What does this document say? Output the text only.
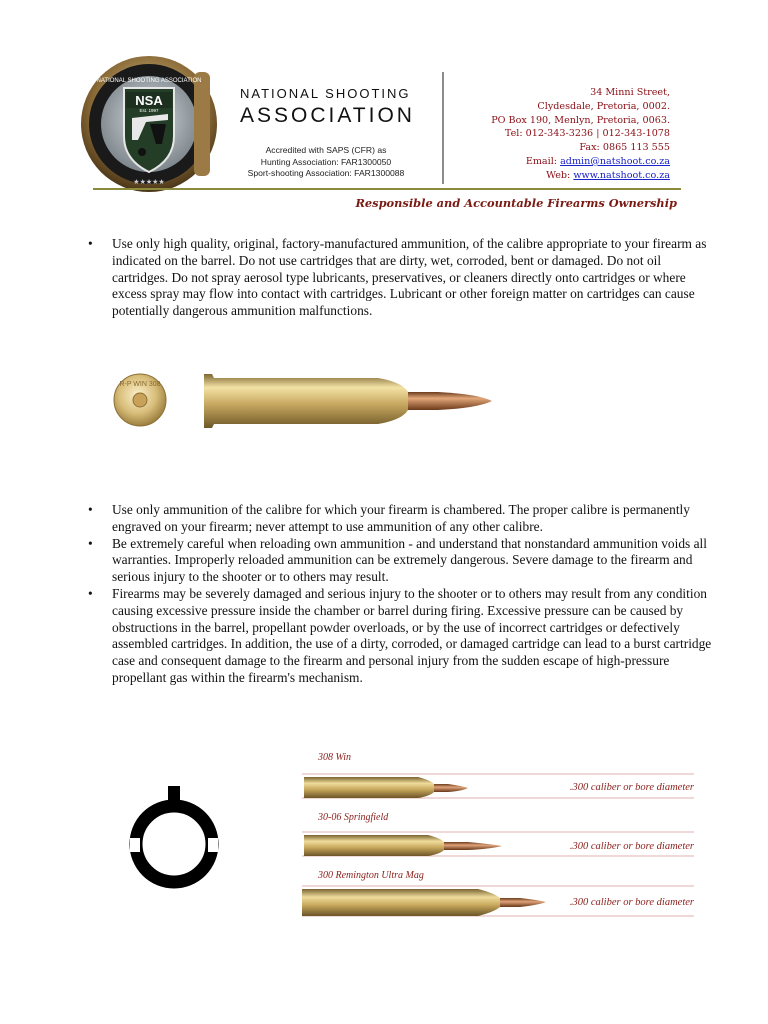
NSA
NATIONAL SHOOTING ASSOCIATION
Est. 1997
★★★★★
NATIONAL SHOOTING
ASSOCIATION
Accredited with SAPS (CFR) as
Hunting Association: FAR1300050
Sport-shooting Association: FAR1300088
34 Minni Street,
Clydesdale, Pretoria, 0002.
PO Box 190, Menlyn, Pretoria, 0063.
Tel: 012-343-3236 | 012-343-1078
Fax: 0865 113 555
Email: admin@natshoot.co.za
Web: www.natshoot.co.za
Responsible and Accountable Firearms Ownership
• Use only high quality, original, factory-manufactured ammunition, of the calibre appropriate to your firearm as indicated on the barrel. Do not use cartridges that are dirty, wet, corroded, bent or damaged. Do not oil cartridges. Do not spray aerosol type lubricants, preservatives, or cleaners directly onto cartridges or where excess spray may flow into contact with cartridges. Lubricant or other foreign matter on cartridges can cause potentially dangerous ammunition malfunctions.
R-P WIN 308
• Use only ammunition of the calibre for which your firearm is chambered. The proper calibre is permanently engraved on your firearm; never attempt to use ammunition of any other calibre.
• Be extremely careful when reloading own ammunition - and understand that nonstandard ammunition voids all warranties. Improperly reloaded ammunition can be extremely dangerous. Severe damage to the firearm and serious injury to the shooter or to others may result.
• Firearms may be severely damaged and serious injury to the shooter or to others may result from any condition causing excessive pressure inside the chamber or barrel during firing. Excessive pressure can be caused by obstructions in the barrel, propellant powder overloads, or by the use of incorrect cartridges or defectively assembled cartridges. In addition, the use of a dirty, corroded, or damaged cartridge can lead to a burst cartridge case and consequent damage to the firearm and personal injury from the sudden escape of high-pressure propellant gas within the firearm's mechanism.
308 Win
.300 caliber or bore diameter
30-06 Springfield
.300 caliber or bore diameter
300 Remington Ultra Mag
.300 caliber or bore diameter
